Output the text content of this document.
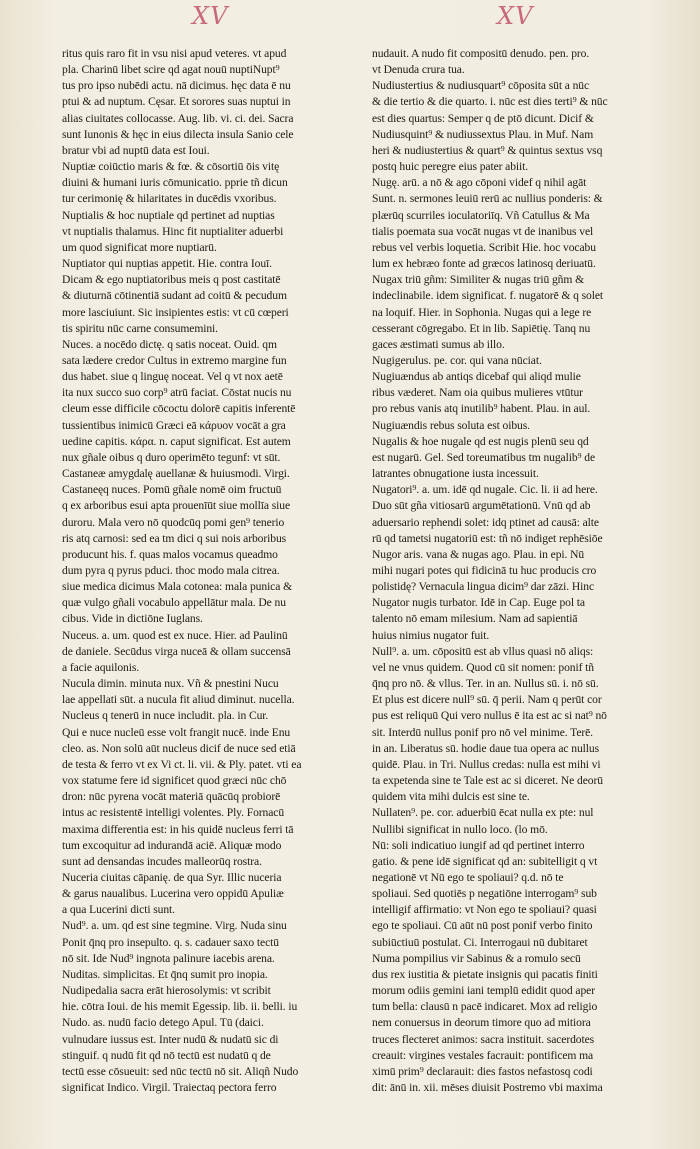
XV	XV
ritus quis raro fit in vsu nisi apud veteres. vt apud
pla. Charinū libet scire qd agat nouū nuptiNupt⁹
tus pro ipso nubēdi actu. nā dicimus. hęc data ē nu
ptui & ad nuptum. Cęsar. Et sorores suas nuptui in
alias ciuitates collocasse. Aug. lib. vi. ci. dei. Sacra
sunt Iunonis & hęc in eius dilecta insula Sanio cele
bratur vbi ad nuptū data est Ioui.
Nuptiæ coiūctio maris & fœ. & cōsortiū ōis vitę
diuini & humani iuris cōmunicatio. pprie tñ dicun
tur cerimonię & hilaritates in ducēdis vxoribus.
Nuptialis & hoc nuptiale qd pertinet ad nuptias
vt nuptialis thalamus. Hinc fit nuptialiter aduerbi
um quod significat more nuptiarū.
Nuptiator qui nuptias appetit. Hie. contra Iouī.
Dicam & ego nuptiatoribus meis q post castitatē
& diuturnā cōtinentiā sudant ad coitū & pecudum
more lasciuiunt. Sic insipientes estis: vt cū cœperi
tis spiritu nūc carne consumemini.
Nuces. a nocēdo dictę. q satis noceat. Ouid. qm
sata lædere credor Cultus in extremo margine fun
dus habet. siue q linguę noceat. Vel q vt nox aetē
ita nux succo suo corp⁹ atrū faciat. Cōstat nucis nu
cleum esse difficile cōcoctu dolorē capitis inferentē
tussientibus inimicū Græci eā κάρυον vocāt a gra
uedine capitis. κάρα. n. caput significat. Est autem
nux gñale oibus q duro operimēto tegunf: vt sūt.
Castaneæ amygdalę auellanæ & huiusmodi. Virgi.
Castaneęq nuces. Pomū gñale nomē oim fructuū
q ex arboribus esui apta prouenīūt siue mollīa siue
duroru. Mala vero nō quodcūq pomi gen⁹ tenerio
ris atq carnosi: sed ea tm dici q sui nois arboribus
producunt his. f. quas malos vocamus queadmo
dum pyra q pyrus pduci. thoc modo mala citrea.
siue medica dicimus Mala cotonea: mala punica &
quæ vulgo gñali vocabulo appellātur mala. De nu
cibus. Vide in dictiōne Iuglans.
Nuceus. a. um. quod est ex nuce. Hier. ad Paulinū
de daniele. Secūdus virga nuceā & ollam succensā
a facie aquilonis.
Nucula dimin. minuta nux. Vñ & pnestini Nucu
lae appellati sūt. a nucula fit aliud diminut. nucella.
Nucleus q tenerū in nuce includit. pla. in Cur.
Qui e nuce nucleū esse volt frangit nucē. inde Enu
cleo. as. Non solū aūt nucleus dicif de nuce sed etiā
de testa & ferro vt ex Vi ct. li. vii. & Ply. patet. vti ea
vox statume fere id significet quod græci nūc chō
dron: nūc pyrena vocāt materiā quācūq probiorē
intus ac resistentē intelligi volentes. Ply. Fornacū
maxima differentia est: in his quidē nucleus ferri tā
tum excoquitur ad indurandā aciē. Aliquæ modo
sunt ad densandas incudes malleorūq rostra.
Nuceria ciuitas cāpanię. de qua Syr. Illic nuceria
& garus naualibus. Lucerina vero oppidū Apuliæ
a qua Lucerini dicti sunt.
Nud⁹. a. um. qd est sine tegmine. Virg. Nuda sinu
Ponit q̄nq pro insepulto. q. s. cadauer saxo tectū
nō sit. Ide Nud⁹ ingnota palinure iacebis arena.
Nuditas. simplicitas. Et q̄nq sumit pro inopia.
Nudipedalia sacra erāt hierosolymis: vt scribit
hie. cōtra Ioui. de his memit Egessip. lib. ii. belli. iu
Nudo. as. nudū facio detego Apul. Tū (daici.
vulnudare iussus est. Inter nudū & nudatū sic di
stinguif. q nudū fit qd nō tectū est nudatū q de
tectū esse cōsueuit: sed nūc tectū nō sit. Aliqñ Nudo
significat Indico. Virgil. Traiectaq pectora ferro
nudauit. A nudo fit compositū denudo. pen. pro.
vt Denuda crura tua.
Nudiustertius & nudiusquart⁹ cōposita sūt a nūc
& die tertio & die quarto. i. nūc est dies terti⁹ & nūc
est dies quartus: Semper q de ptō dicunt. Dicif &
Nudiusquint⁹ & nudiussextus Plau. in Muf. Nam
heri & nudiustertius & quart⁹ & quintus sextus vsq
postq huic peregre eius pater abiit.
Nugę. arū. a nō & ago cōponi videf q nihil agāt
Sunt. n. sermones leuiū rerū ac nullius ponderis: &
plærūq scurriles ioculatoriīq. Vñ Catullus & Ma
tialis poemata sua vocāt nugas vt de inanibus vel
rebus vel verbis loquetia. Scribit Hie. hoc vocabu
lum ex hebræo fonte ad græcos latinosq deriuatū.
Nugax triū gñm: Similiter & nugas triū gñm &
indeclinabile. idem significat. f. nugatorē & q solet
na loquif. Hier. in Sophonia. Nugas qui a lege re
cesserant cōgregabo. Et in lib. Sapiētię. Tanq nu
gaces æstimati sumus ab illo.
Nugigerulus. pe. cor. qui vana nūciat.
Nugiuændus ab antiqs dicebaf qui aliqd mulie
ribus væderet. Nam oia quibus mulieres vtūtur
pro rebus vanis atq inutilib⁹ habent. Plau. in aul.
Nugiuændis rebus soluta est oibus.
Nugalis & hoe nugale qd est nugis plenū seu qd
est nugarū. Gel. Sed toreumatibus tm nugalib⁹ de
latrantes obnugatione iusta incessuit.
Nugatori⁹. a. um. idē qd nugale. Cic. li. ii ad here.
Duo sūt gña vitiosarū argumētationū. Vnū qd ab
aduersario rephendi solet: idq ptinet ad causā: alte
rū qd tametsi nugatoriū est: tñ nō indiget rephēsiōe
Nugor aris. vana & nugas ago. Plau. in epi. Nū
mihi nugari potes qui fidicinā tu huc producis cro
polistidę? Vernacula lingua dicim⁹ dar zāzi. Hinc
Nugator nugis turbator. Idē in Cap. Euge pol ta
talento nō emam milesium. Nam ad sapientiā
huius nimius nugator fuit.
Null⁹. a. um. cōpositū est ab vllus quasi nō aliqs:
vel ne vnus quidem. Quod cū sit nomen: ponif tñ
q̄nq pro nō. & vllus. Ter. in an. Nullus sū. i. nō sū.
Et plus est dicere null⁹ sū. q̄ perii. Nam q perūt cor
pus est reliquū Qui vero nullus ē ita est ac si nat⁹ nō
sit. Interdū nullus ponif pro nō vel minime. Terē.
in an. Liberatus sū. hodie daue tua opera ac nullus
quidē. Plau. in Tri. Nullus credas: nulla est mihi vi
ta expetenda sine te Tale est ac si diceret. Ne deorū
quidem vita mihi dulcis est sine te.
Nullaten⁹. pe. cor. aduerbiū ēcat nulla ex pte: nul
Nullibi significat in nullo loco. (lo mō.
Nū: soli indicatiuo iungif ad qd pertinet interro
gatio. & pene idē significat qd an: subitelligit q vt
negationē vt Nū ego te spoliaui? q.d. nō te
spoliaui. Sed quotiēs p negatiōne interrogam⁹ sub
intelligif affirmatio: vt Non ego te spoliaui? quasi
ego te spoliaui. Cū aūt nū post ponif verbo finito
subiūctiuū postulat. Ci. Interrogaui nū dubitaret
Numa pompilius vir Sabinus & a romulo secū
dus rex iustitia & pietate insignis qui pacatis finiti
morum odiis gemini iani templū edidit quod aper
tum bella: clausū n pacē indicaret. Mox ad religio
nem conuersus in deorum timore quo ad mitiora
truces flecteret animos: sacra instituit. sacerdotes
creauit: virgines vestales facrauit: pontificem ma
ximū prim⁹ declarauit: dies fastos nefastosq codi
dit: ānū in. xii. mēses diuisit Postremo vbi maxima
